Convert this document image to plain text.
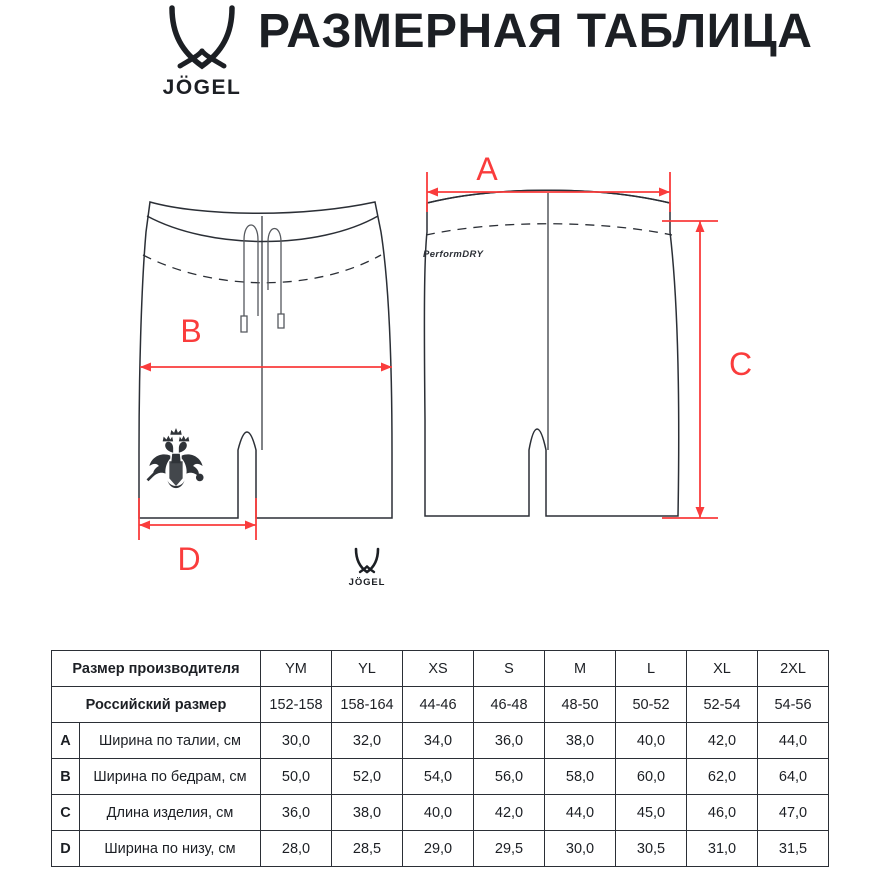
JÖGEL
РАЗМЕРНАЯ ТАБЛИЦА
JÖGEL
B
D
PerformDRY
A
C
Размер производителя		YM	YL	XS	S	M	L	XL	2XL
Российский размер		152-158	158-164	44-46	46-48	48-50	50-52	52-54	54-56
A	Ширина по талии, см	30,0	32,0	34,0	36,0	38,0	40,0	42,0	44,0
B	Ширина по бедрам, см	50,0	52,0	54,0	56,0	58,0	60,0	62,0	64,0
C	Длина изделия, см	36,0	38,0	40,0	42,0	44,0	45,0	46,0	47,0
D	Ширина по низу, см	28,0	28,5	29,0	29,5	30,0	30,5	31,0	31,5
